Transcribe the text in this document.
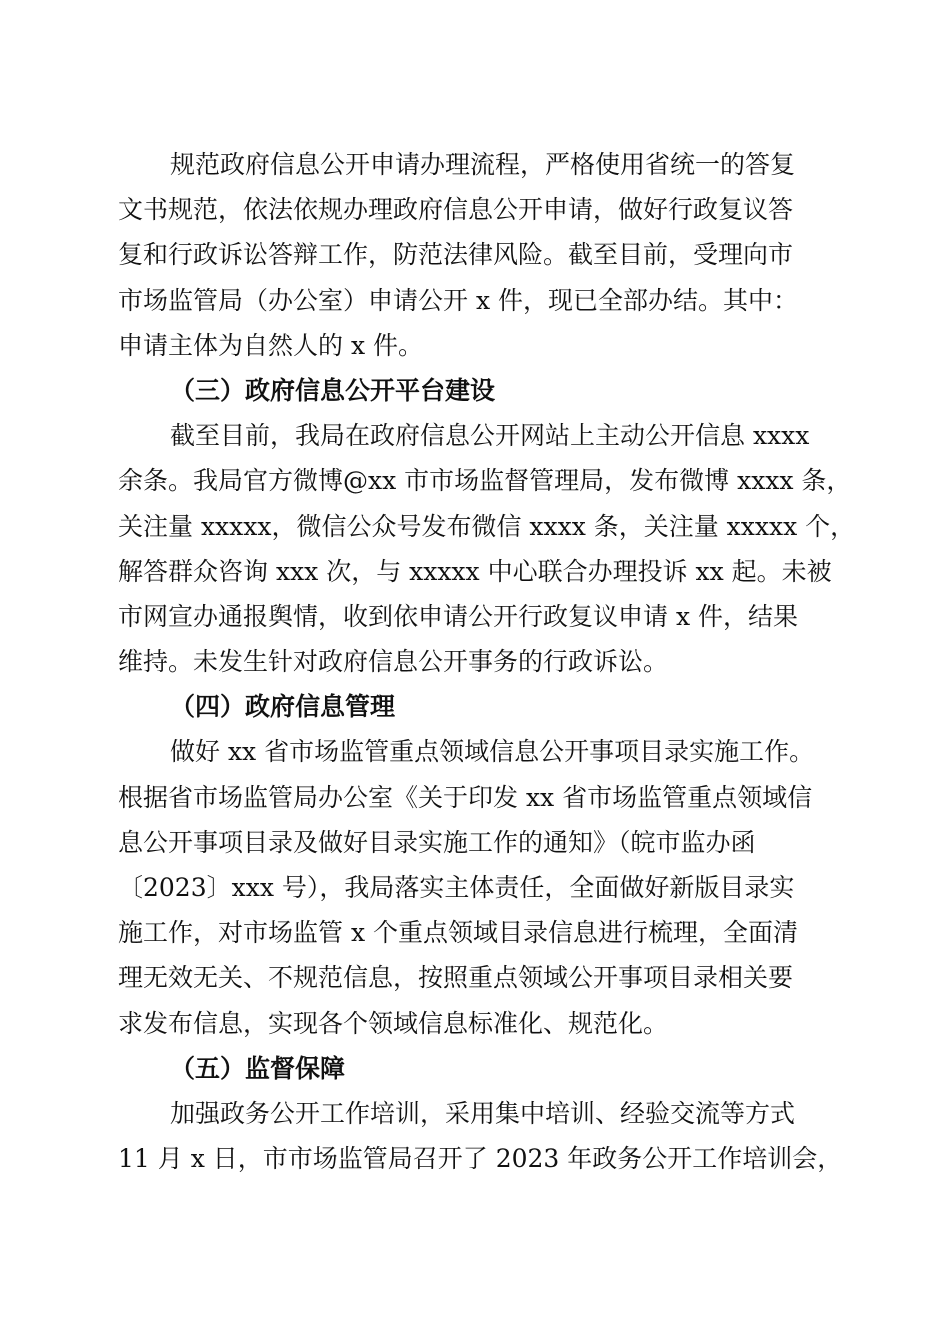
规范政府信息公开申请办理流程，严格使用省统一的答复
文书规范，依法依规办理政府信息公开申请，做好行政复议答
复和行政诉讼答辩工作，防范法律风险。截至目前，受理向市
市场监管局（办公室）申请公开 x 件，现已全部办结。其中：
申请主体为自然人的 x 件。
（三）政府信息公开平台建设
截至目前，我局在政府信息公开网站上主动公开信息 xxxx
余条。我局官方微博@xx 市市场监督管理局，发布微博 xxxx 条，
关注量 xxxxx，微信公众号发布微信 xxxx 条，关注量 xxxxx 个，
解答群众咨询 xxx 次，与 xxxxx 中心联合办理投诉 xx 起。未被
市网宣办通报舆情，收到依申请公开行政复议申请 x 件，结果
维持。未发生针对政府信息公开事务的行政诉讼。
（四）政府信息管理
做好 xx 省市场监管重点领域信息公开事项目录实施工作。
根据省市场监管局办公室《关于印发 xx 省市场监管重点领域信
息公开事项目录及做好目录实施工作的通知》（皖市监办函
〔2023〕xxx 号），我局落实主体责任，全面做好新版目录实
施工作，对市场监管 x 个重点领域目录信息进行梳理，全面清
理无效无关、不规范信息，按照重点领域公开事项目录相关要
求发布信息，实现各个领域信息标准化、规范化。
（五）监督保障
加强政务公开工作培训，采用集中培训、经验交流等方式
11 月 x 日，市市场监管局召开了 2023 年政务公开工作培训会，
